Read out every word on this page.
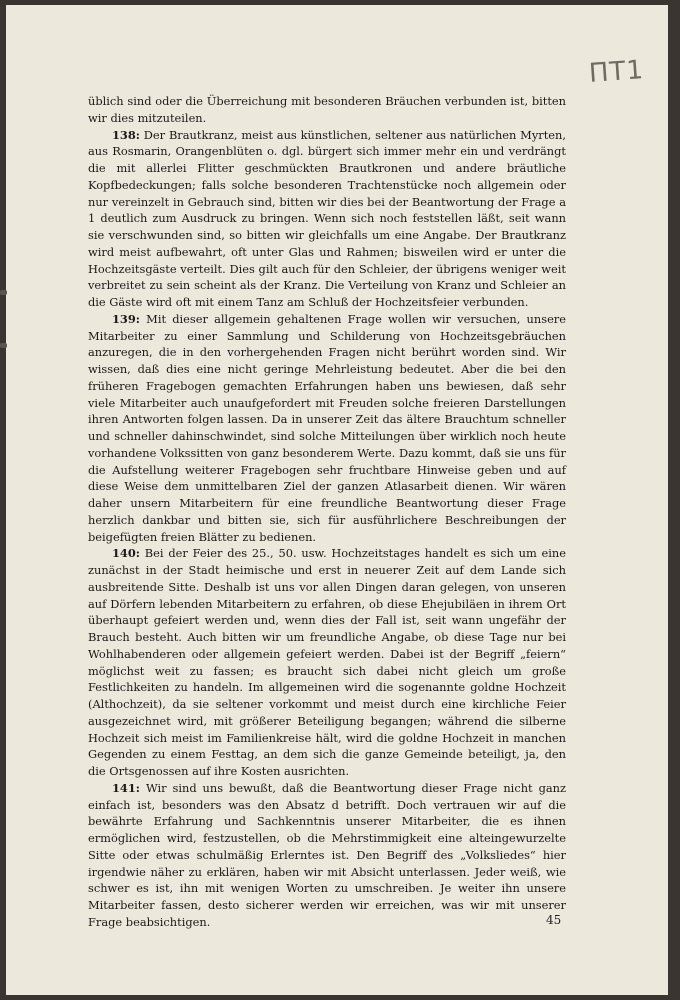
ПТ1

üblich sind oder die Überreichung mit besonderen Bräuchen verbunden ist, bitten wir dies mitzuteilen.

138: Der Brautkranz, meist aus künstlichen, seltener aus natürlichen Myrten, aus Rosmarin, Orangenblüten o. dgl. bürgert sich immer mehr ein und verdrängt die mit allerlei Flitter geschmückten Brautkronen und andere bräutliche Kopfbedeckungen; falls solche besonderen Trachtenstücke noch allgemein oder nur vereinzelt in Gebrauch sind, bitten wir dies bei der Beantwortung der Frage a 1 deutlich zum Ausdruck zu bringen. Wenn sich noch feststellen läßt, seit wann sie verschwunden sind, so bitten wir gleichfalls um eine Angabe. Der Brautkranz wird meist aufbewahrt, oft unter Glas und Rahmen; bisweilen wird er unter die Hochzeitsgäste verteilt. Dies gilt auch für den Schleier, der übrigens weniger weit verbreitet zu sein scheint als der Kranz. Die Verteilung von Kranz und Schleier an die Gäste wird oft mit einem Tanz am Schluß der Hochzeitsfeier verbunden.

139: Mit dieser allgemein gehaltenen Frage wollen wir versuchen, unsere Mitarbeiter zu einer Sammlung und Schilderung von Hochzeitsgebräuchen anzuregen, die in den vorhergehenden Fragen nicht berührt worden sind. Wir wissen, daß dies eine nicht geringe Mehrleistung bedeutet. Aber die bei den früheren Fragebogen gemachten Erfahrungen haben uns bewiesen, daß sehr viele Mitarbeiter auch unaufgefordert mit Freuden solche freieren Darstellungen ihren Antworten folgen lassen. Da in unserer Zeit das ältere Brauchtum schneller und schneller dahinschwindet, sind solche Mitteilungen über wirklich noch heute vorhandene Volkssitten von ganz besonderem Werte. Dazu kommt, daß sie uns für die Aufstellung weiterer Fragebogen sehr fruchtbare Hinweise geben und auf diese Weise dem unmittelbaren Ziel der ganzen Atlasarbeit dienen. Wir wären daher unsern Mitarbeitern für eine freundliche Beantwortung dieser Frage herzlich dankbar und bitten sie, sich für ausführlichere Beschreibungen der beigefügten freien Blätter zu bedienen.

140: Bei der Feier des 25., 50. usw. Hochzeitstages handelt es sich um eine zunächst in der Stadt heimische und erst in neuerer Zeit auf dem Lande sich ausbreitende Sitte. Deshalb ist uns vor allen Dingen daran gelegen, von unseren auf Dörfern lebenden Mitarbeitern zu erfahren, ob diese Ehejubiläen in ihrem Ort überhaupt gefeiert werden und, wenn dies der Fall ist, seit wann ungefähr der Brauch besteht. Auch bitten wir um freundliche Angabe, ob diese Tage nur bei Wohlhabenderen oder allgemein gefeiert werden. Dabei ist der Begriff „feiern“ möglichst weit zu fassen; es braucht sich dabei nicht gleich um große Festlichkeiten zu handeln. Im allgemeinen wird die sogenannte goldne Hochzeit (Althochzeit), da sie seltener vorkommt und meist durch eine kirchliche Feier ausgezeichnet wird, mit größerer Beteiligung begangen; während die silberne Hochzeit sich meist im Familienkreise hält, wird die goldne Hochzeit in manchen Gegenden zu einem Festtag, an dem sich die ganze Gemeinde beteiligt, ja, den die Ortsgenossen auf ihre Kosten ausrichten.

141: Wir sind uns bewußt, daß die Beantwortung dieser Frage nicht ganz einfach ist, besonders was den Absatz d betrifft. Doch vertrauen wir auf die bewährte Erfahrung und Sachkenntnis unserer Mitarbeiter, die es ihnen ermöglichen wird, festzustellen, ob die Mehrstimmigkeit eine alteingewurzelte Sitte oder etwas schulmäßig Erlerntes ist. Den Begriff des „Volksliedes“ hier irgendwie näher zu erklären, haben wir mit Absicht unterlassen. Jeder weiß, wie schwer es ist, ihn mit wenigen Worten zu umschreiben. Je weiter ihn unsere Mitarbeiter fassen, desto sicherer werden wir erreichen, was wir mit unserer Frage beabsichtigen.	45
